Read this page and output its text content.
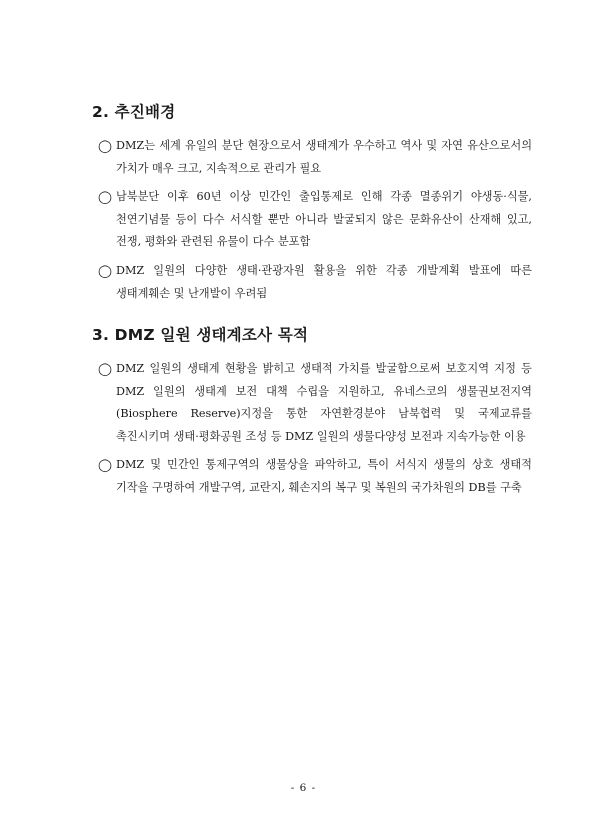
2. 추진배경
◯ DMZ는 세계 유일의 분단 현장으로서 생태계가 우수하고 역사 및 자연 유산으로서의 가치가 매우 크고, 지속적으로 관리가 필요
◯ 남북분단 이후 60년 이상 민간인 출입통제로 인해 각종 멸종위기 야생동·식물, 천연기념물 등이 다수 서식할 뿐만 아니라 발굴되지 않은 문화유산이 산재해 있고, 전쟁, 평화와 관련된 유물이 다수 분포함
◯ DMZ 일원의 다양한 생태·관광자원 활용을 위한 각종 개발계획 발표에 따른 생태계훼손 및 난개발이 우려됨
3. DMZ 일원 생태계조사 목적
◯ DMZ 일원의 생태계 현황을 밝히고 생태적 가치를 발굴함으로써 보호지역 지정 등 DMZ 일원의 생태계 보전 대책 수립을 지원하고, 유네스코의 생물권보전지역(Biosphere Reserve)지정을 통한 자연환경분야 남북협력 및 국제교류를 촉진시키며 생태·평화공원 조성 등 DMZ 일원의 생물다양성 보전과 지속가능한 이용
◯ DMZ 및 민간인 통제구역의 생물상을 파악하고, 특이 서식지 생물의 상호 생태적 기작을 구명하여 개발구역, 교란지, 훼손지의 복구 및 복원의 국가차원의 DB를 구축
- 6 -
